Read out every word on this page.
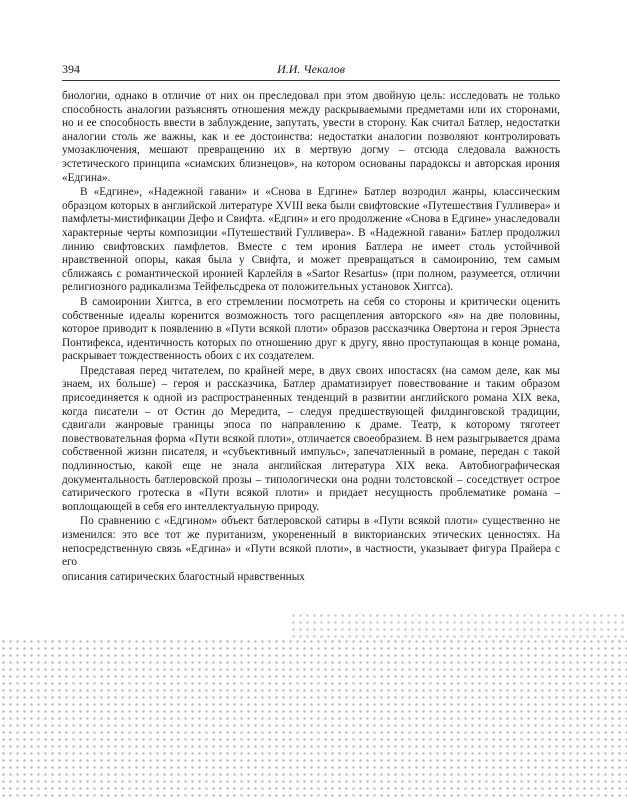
394	И.И. Чекалов

биологии, однако в отличие от них он преследовал при этом двойную цель: исследовать не только способность аналогии разъяснять отношения между раскрываемыми предметами или их сторонами, но и ее способность ввести в заблуждение, запутать, увести в сторону. Как считал Батлер, недостатки аналогии столь же важны, как и ее достоинства: недостатки аналогии позволяют контролировать умозаключения, мешают превращению их в мертвую догму – отсюда следовала важность эстетического принципа «сиамских близнецов», на котором основаны парадоксы и авторская ирония «Едгина».

В «Едгине», «Надежной гавани» и «Снова в Едгине» Батлер возродил жанры, классическим образцом которых в английской литературе XVIII века были свифтовские «Путешествия Гулливера» и памфлеты-мистификации Дефо и Свифта. «Едгин» и его продолжение «Снова в Едгине» унаследовали характерные черты композиции «Путешествий Гулливера». В «Надежной гавани» Батлер продолжил линию свифтовских памфлетов. Вместе с тем ирония Батлера не имеет столь устойчивой нравственной опоры, какая была у Свифта, и может превращаться в самоиронию, тем самым сближаясь с романтической иронией Карлейля в «Sartor Resartus» (при полном, разумеется, отличии религиозного радикализма Тейфельсдрека от положительных установок Хиггса).

В самоиронии Хиггса, в его стремлении посмотреть на себя со стороны и критически оценить собственные идеалы коренится возможность того расщепления авторского «я» на две половины, которое приводит к появлению в «Пути всякой плоти» образов рассказчика Овертона и героя Эрнеста Понтифекса, идентичность которых по отношению друг к другу, явно проступающая в конце романа, раскрывает тождественность обоих с их создателем.

Представая перед читателем, по крайней мере, в двух своих ипостасях (на самом деле, как мы знаем, их больше) – героя и рассказчика, Батлер драматизирует повествование и таким образом присоединяется к одной из распространенных тенденций в развитии английского романа XIX века, когда писатели – от Остин до Мередита, – следуя предшествующей филдинговской традиции, сдвигали жанровые границы эпоса по направлению к драме. Театр, к которому тяготеет повествовательная форма «Пути всякой плоти», отличается своеобразием. В нем разыгрывается драма собственной жизни писателя, и «субъективный импульс», запечатленный в романе, передан с такой подлинностью, какой еще не знала английская литература XIX века. Автобиографическая документальность батлеровской прозы – типологически она родни толстовской – соседствует острое сатирического гротеска в «Пути всякой плоти» и придает несущность проблематике романа – воплощающей в себя его интеллектуальную природу.

По сравнению с «Едгином» объект батлеровской сатиры в «Пути всякой плоти» существенно не изменился: это все тот же пуританизм, укорененный в викторианских этических ценностях. На непосредственную связь «Едгина» и «Пути всякой плоти», в частности, указывает фигура Прайера с его

описания сатирических благостный нравственных
